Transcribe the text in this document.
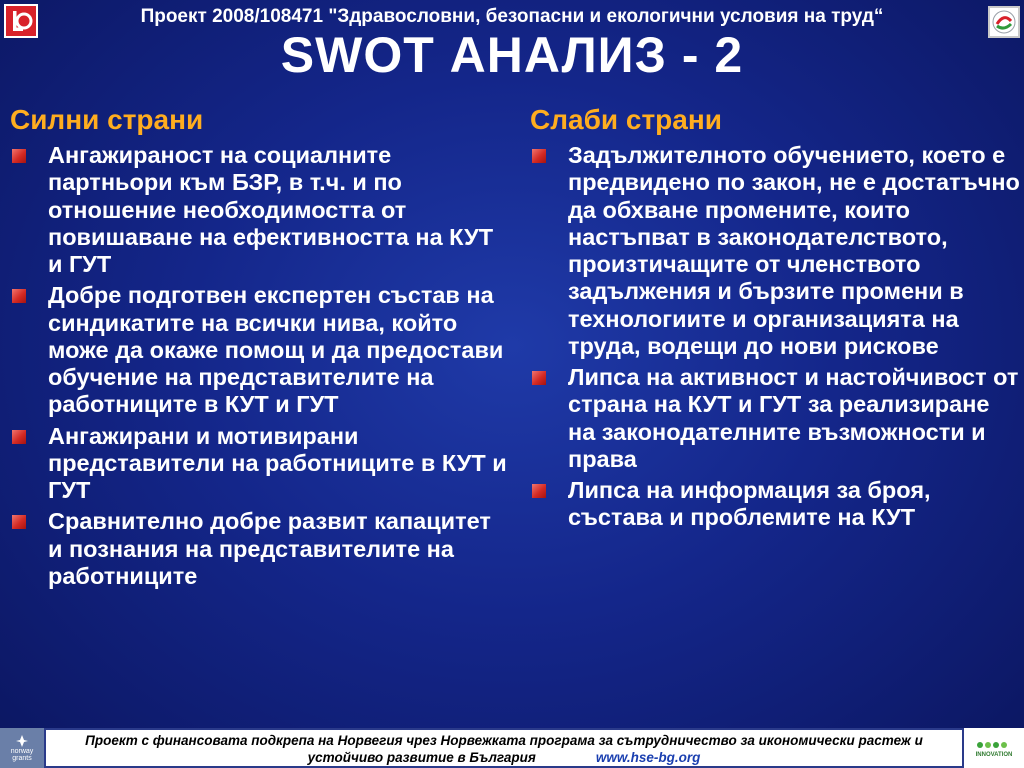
Проект 2008/108471 "Здравословни, безопасни и екологични условия на труд“
SWOT АНАЛИЗ - 2
Силни страни
Ангажираност на социалните партньори към БЗР, в т.ч. и по отношение необходимостта от повишаване на ефективността на КУТ и ГУТ
Добре подготвен експертен състав на синдикатите на всички нива, който може да окаже помощ и да предостави обучение на представителите на работниците в КУТ и ГУТ
Ангажирани и мотивирани представители на работниците в КУТ и ГУТ
Сравнително добре развит капацитет и познания на представителите на работниците
Слаби страни
Задължителното обучението, което е предвидено по закон, не е достатъчно да обхване промените, които настъпват в законодателството, произтичащите от членството задължения и бързите промени в технологиите и организацията на труда, водещи до нови рискове
Липса на активност и настойчивост от страна на КУТ и ГУТ за реализиране на законодателните възможности и права
Липса на информация за броя, състава и проблемите на КУТ
norway
grants
Проект с финансовата подкрепа на Норвегия чрез Норвежката програма за сътрудничество за икономически растеж и
устойчиво развитие в България	www.hse-bg.org	INNOVATION
